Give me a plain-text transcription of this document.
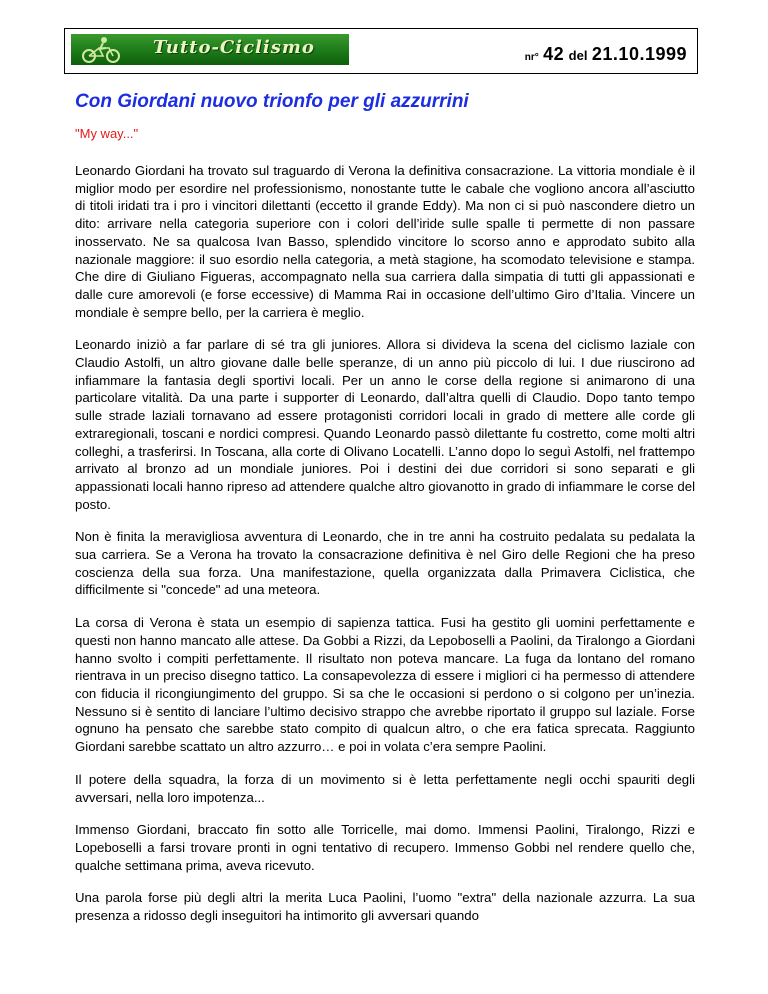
Tutto-Ciclismo	nr° 42 del 21.10.1999
Con Giordani nuovo trionfo per gli azzurrini

"My way..."

Leonardo Giordani ha trovato sul traguardo di Verona la definitiva consacrazione. La vittoria mondiale è il miglior modo per esordire nel professionismo, nonostante tutte le cabale che vogliono ancora all’asciutto di titoli iridati tra i pro i vincitori dilettanti (eccetto il grande Eddy). Ma non ci si può nascondere dietro un dito: arrivare nella categoria superiore con i colori dell’iride sulle spalle ti permette di non passare inosservato. Ne sa qualcosa Ivan Basso, splendido vincitore lo scorso anno e approdato subito alla nazionale maggiore: il suo esordio nella categoria, a metà stagione, ha scomodato televisione e stampa. Che dire di Giuliano Figueras, accompagnato nella sua carriera dalla simpatia di tutti gli appassionati e dalle cure amorevoli (e forse eccessive) di Mamma Rai in occasione dell’ultimo Giro d’Italia. Vincere un mondiale è sempre bello, per la carriera è meglio.

Leonardo iniziò a far parlare di sé tra gli juniores. Allora si divideva la scena del ciclismo laziale con Claudio Astolfi, un altro giovane dalle belle speranze, di un anno più piccolo di lui. I due riuscirono ad infiammare la fantasia degli sportivi locali. Per un anno le corse della regione si animarono di una particolare vitalità. Da una parte i supporter di Leonardo, dall’altra quelli di Claudio. Dopo tanto tempo sulle strade laziali tornavano ad essere protagonisti corridori locali in grado di mettere alle corde gli extraregionali, toscani e nordici compresi. Quando Leonardo passò dilettante fu costretto, come molti altri colleghi, a trasferirsi. In Toscana, alla corte di Olivano Locatelli. L’anno dopo lo seguì Astolfi, nel frattempo arrivato al bronzo ad un mondiale juniores. Poi i destini dei due corridori si sono separati e gli appassionati locali hanno ripreso ad attendere qualche altro giovanotto in grado di infiammare le corse del posto.

Non è finita la meravigliosa avventura di Leonardo, che in tre anni ha costruito pedalata su pedalata la sua carriera. Se a Verona ha trovato la consacrazione definitiva è nel Giro delle Regioni che ha preso coscienza della sua forza. Una manifestazione, quella organizzata dalla Primavera Ciclistica, che difficilmente si "concede" ad una meteora.

La corsa di Verona è stata un esempio di sapienza tattica. Fusi ha gestito gli uomini perfettamente e questi non hanno mancato alle attese. Da Gobbi a Rizzi, da Lepoboselli a Paolini, da Tiralongo a Giordani hanno svolto i compiti perfettamente. Il risultato non poteva mancare. La fuga da lontano del romano rientrava in un preciso disegno tattico. La consapevolezza di essere i migliori ci ha permesso di attendere con fiducia il ricongiungimento del gruppo. Si sa che le occasioni si perdono o si colgono per un’inezia. Nessuno si è sentito di lanciare l’ultimo decisivo strappo che avrebbe riportato il gruppo sul laziale. Forse ognuno ha pensato che sarebbe stato compito di qualcun altro, o che era fatica sprecata. Raggiunto Giordani sarebbe scattato un altro azzurro… e poi in volata c’era sempre Paolini.

Il potere della squadra, la forza di un movimento si è letta perfettamente negli occhi spauriti degli avversari, nella loro impotenza...

Immenso Giordani, braccato fin sotto alle Torricelle, mai domo. Immensi Paolini, Tiralongo, Rizzi e Lopeboselli a farsi trovare pronti in ogni tentativo di recupero. Immenso Gobbi nel rendere quello che, qualche settimana prima, aveva ricevuto.

Una parola forse più degli altri la merita Luca Paolini, l’uomo "extra" della nazionale azzurra. La sua presenza a ridosso degli inseguitori ha intimorito gli avversari quando
